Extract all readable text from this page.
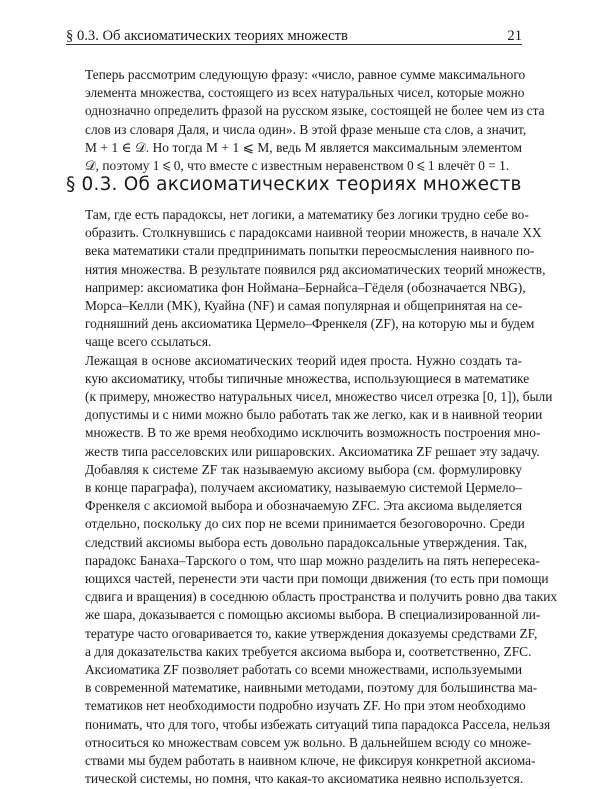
§ 0.3. Об аксиоматических теориях множеств	21

Теперь рассмотрим следующую фразу: «число, равное сумме максимального
элемента множества, состоящего из всех натуральных чисел, которые можно
однозначно определить фразой на русском языке, состоящей не более чем из ста
слов из словаря Даля, и числа один». В этой фразе меньше ста слов, а значит,
M + 1 ∈ 𝒟. Но тогда M + 1 ⩽ M, ведь M является максимальным элементом
𝒟, поэтому 1 ⩽ 0, что вместе с известным неравенством 0 ⩽ 1 влечёт 0 = 1.

§ 0.3. Об аксиоматических теориях множеств

Там, где есть парадоксы, нет логики, а математику без логики трудно себе во-
образить. Столкнувшись с парадоксами наивной теории множеств, в начале XX
века математики стали предпринимать попытки переосмысления наивного по-
нятия множества. В результате появился ряд аксиоматических теорий множеств,
например: аксиоматика фон Ноймана–Бернайса–Гёделя (обозначается NBG),
Морса–Келли (MK), Куайна (NF) и самая популярная и общепринятая на се-
годняшний день аксиоматика Цермело–Френкеля (ZF), на которую мы и будем
чаще всего ссылаться.

Лежащая в основе аксиоматических теорий идея проста. Нужно создать та-
кую аксиоматику, чтобы типичные множества, использующиеся в математике
(к примеру, множество натуральных чисел, множество чисел отрезка [0, 1]), были
допустимы и с ними можно было работать так же легко, как и в наивной теории
множеств. В то же время необходимо исключить возможность построения мно-
жеств типа расселовских или ришаровских. Аксиоматика ZF решает эту задачу.

Добавляя к системе ZF так называемую аксиому выбора (см. формулировку
в конце параграфа), получаем аксиоматику, называемую системой Цермело–
Френкеля с аксиомой выбора и обозначаемую ZFC. Эта аксиома выделяется
отдельно, поскольку до сих пор не всеми принимается безоговорочно. Среди
следствий аксиомы выбора есть довольно парадоксальные утверждения. Так,
парадокс Банаха–Тарского о том, что шар можно разделить на пять непересека-
ющихся частей, перенести эти части при помощи движения (то есть при помощи
сдвига и вращения) в соседнюю область пространства и получить ровно два таких
же шара, доказывается с помощью аксиомы выбора. В специализированной ли-
тературе часто оговаривается то, какие утверждения доказуемы средствами ZF,
а для доказательства каких требуется аксиома выбора и, соответственно, ZFC.

Аксиоматика ZF позволяет работать со всеми множествами, используемыми
в современной математике, наивными методами, поэтому для большинства ма-
тематиков нет необходимости подробно изучать ZF. Но при этом необходимо
понимать, что для того, чтобы избежать ситуаций типа парадокса Рассела, нельзя
относиться ко множествам совсем уж вольно. В дальнейшем всюду со множе-
ствами мы будем работать в наивном ключе, не фиксируя конкретной аксиома-
тической системы, но помня, что какая-то аксиоматика неявно используется.
